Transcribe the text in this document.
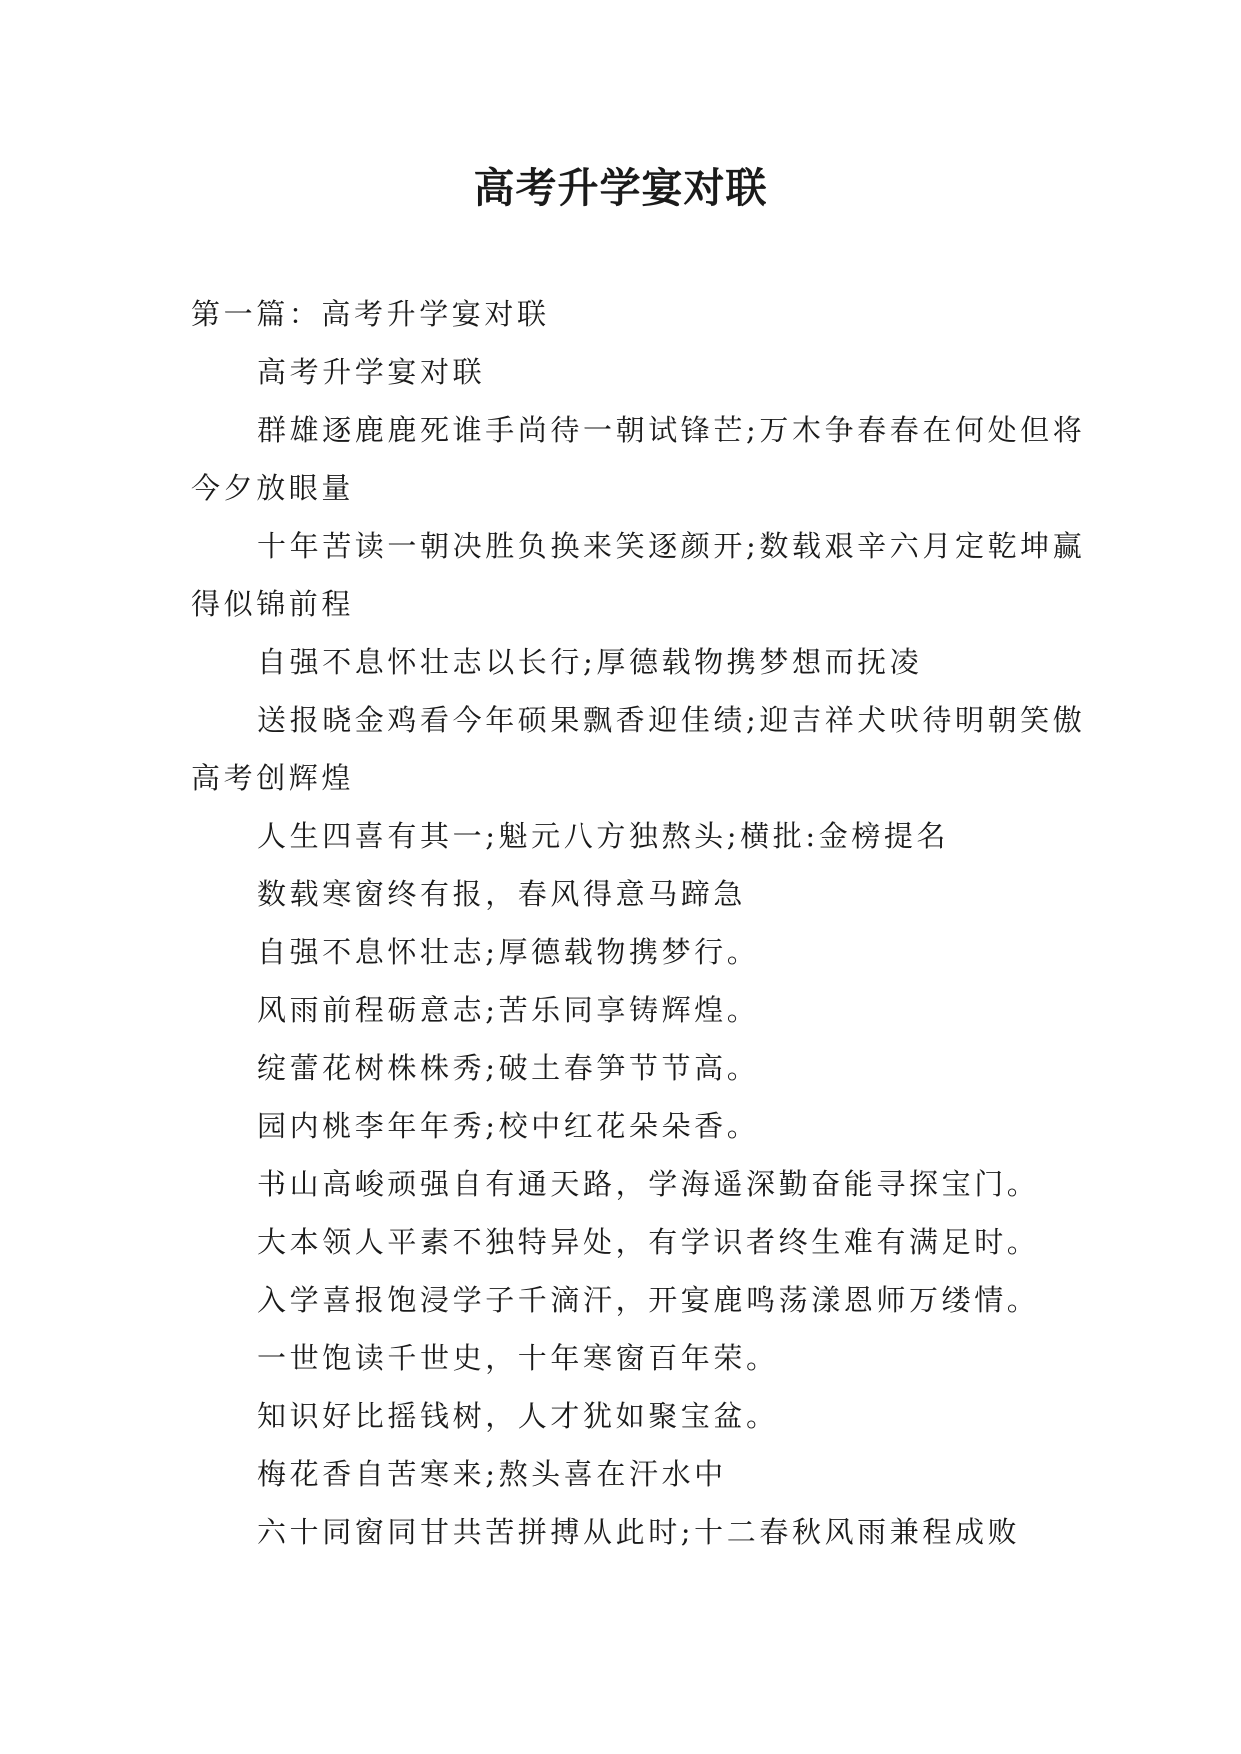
高考升学宴对联

第一篇：高考升学宴对联

高考升学宴对联

群雄逐鹿鹿死谁手尚待一朝试锋芒;万木争春春在何处但将今夕放眼量

十年苦读一朝决胜负换来笑逐颜开;数载艰辛六月定乾坤赢得似锦前程

自强不息怀壮志以长行;厚德载物携梦想而抚凌

送报晓金鸡看今年硕果飘香迎佳绩;迎吉祥犬吠待明朝笑傲高考创辉煌

人生四喜有其一;魁元八方独熬头;横批:金榜提名

数载寒窗终有报，春风得意马蹄急

自强不息怀壮志;厚德载物携梦行。

风雨前程砺意志;苦乐同享铸辉煌。

绽蕾花树株株秀;破土春笋节节高。

园内桃李年年秀;校中红花朵朵香。

书山高峻顽强自有通天路，学海遥深勤奋能寻探宝门。

大本领人平素不独特异处，有学识者终生难有满足时。

入学喜报饱浸学子千滴汗，开宴鹿鸣荡漾恩师万缕情。

一世饱读千世史，十年寒窗百年荣。

知识好比摇钱树，人才犹如聚宝盆。

梅花香自苦寒来;熬头喜在汗水中

六十同窗同甘共苦拼搏从此时;十二春秋风雨兼程成败
